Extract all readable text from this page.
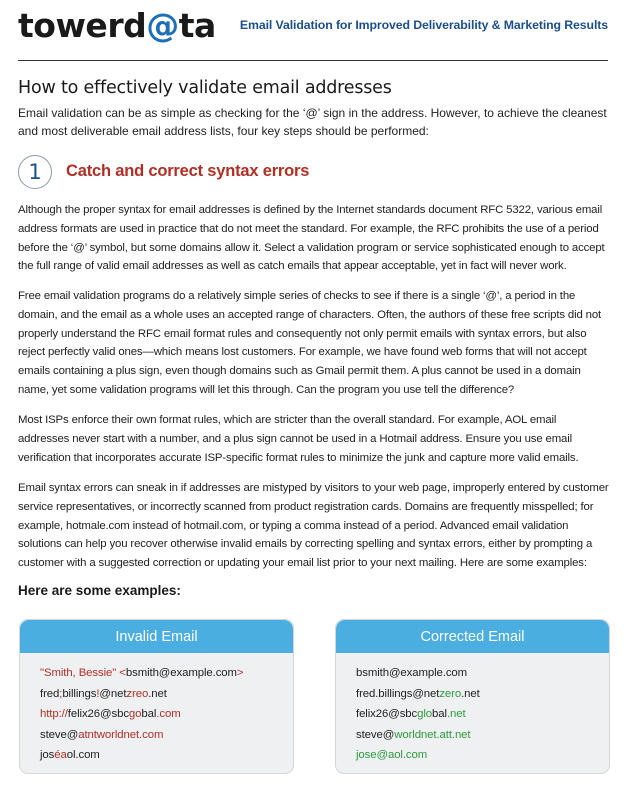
towerd@ta Email Validation for Improved Deliverability & Marketing Results
How to effectively validate email addresses

Email validation can be as simple as checking for the ‘@’ sign in the address. However, to achieve the cleanest and most deliverable email address lists, four key steps should be performed:

1	Catch and correct syntax errors

Although the proper syntax for email addresses is defined by the Internet standards document RFC 5322, various email address formats are used in practice that do not meet the standard. For example, the RFC prohibits the use of a period before the ‘@’ symbol, but some domains allow it. Select a validation program or service sophisticated enough to accept the full range of valid email addresses as well as catch emails that appear acceptable, yet in fact will never work.

Free email validation programs do a relatively simple series of checks to see if there is a single ‘@’, a period in the domain, and the email as a whole uses an accepted range of characters. Often, the authors of these free scripts did not properly understand the RFC email format rules and consequently not only permit emails with syntax errors, but also reject perfectly valid ones—which means lost customers. For example, we have found web forms that will not accept emails containing a plus sign, even though domains such as Gmail permit them. A plus cannot be used in a domain name, yet some validation programs will let this through. Can the program you use tell the difference?

Most ISPs enforce their own format rules, which are stricter than the overall standard. For example, AOL email addresses never start with a number, and a plus sign cannot be used in a Hotmail address. Ensure you use email verification that incorporates accurate ISP-specific format rules to minimize the junk and capture more valid emails.

Email syntax errors can sneak in if addresses are mistyped by visitors to your web page, improperly entered by customer service representatives, or incorrectly scanned from product registration cards. Domains are frequently misspelled; for example, hotmale.com instead of hotmail.com, or typing a comma instead of a period. Advanced email validation solutions can help you recover otherwise invalid emails by correcting spelling and syntax errors, either by prompting a customer with a suggested correction or updating your email list prior to your next mailing. Here are some examples:

Here are some examples:
Invalid Email
"Smith, Bessie" <bsmith@example.com>
fred;billings!@netzreo.net
http://felix26@sbcgobal.com
steve@atntworldnet.com
joséaol.com
Corrected Email
bsmith@example.com
fred.billings@netzero.net
felix26@sbcglobal.net
steve@worldnet.att.net
jose@aol.com
